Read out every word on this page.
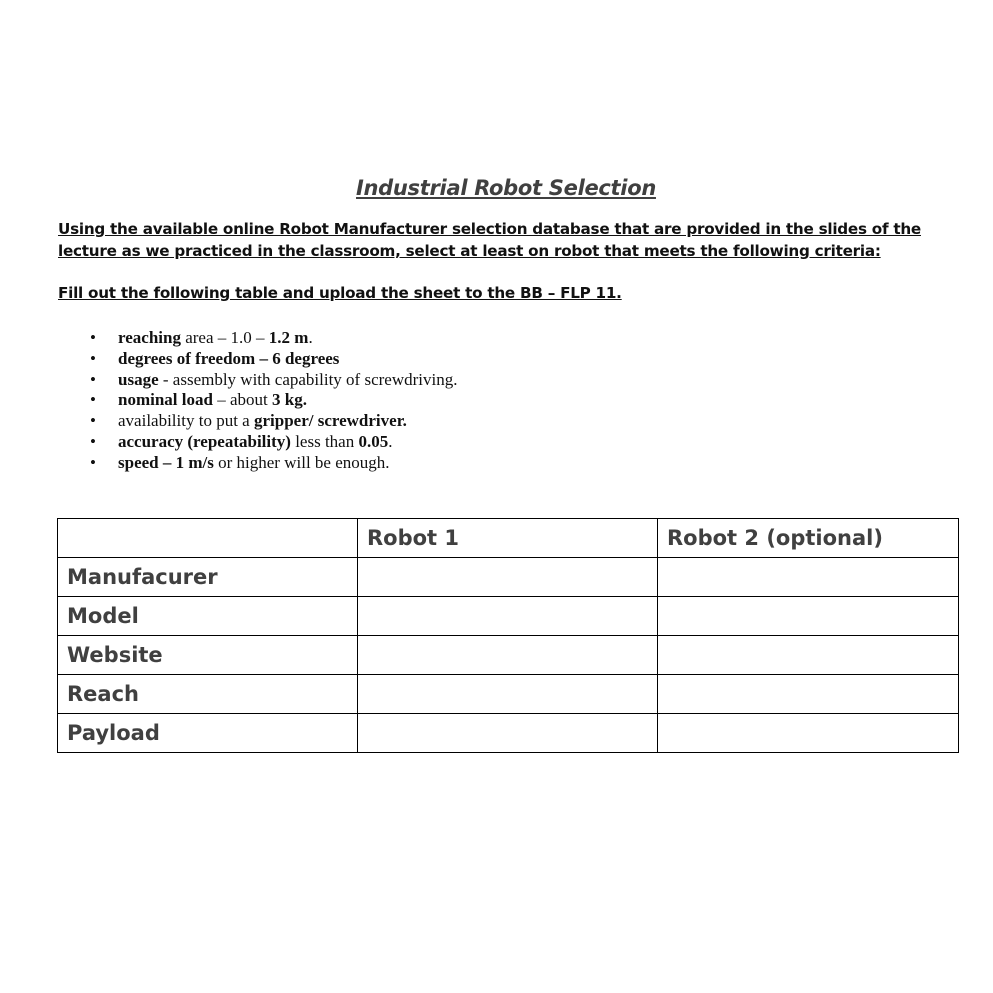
Industrial Robot Selection

Using the available online Robot Manufacturer selection database that are provided in the slides of the lecture as we practiced in the classroom, select at least on robot that meets the following criteria:

Fill out the following table and upload the sheet to the BB – FLP 11.

• reaching area – 1.0 – 1.2 m.
• degrees of freedom – 6 degrees
• usage - assembly with capability of screwdriving.
• nominal load – about 3 kg.
• availability to put a gripper/ screwdriver.
• accuracy (repeatability) less than 0.05.
• speed – 1 m/s or higher will be enough.
	Robot 1	Robot 2 (optional)
Manufacurer		
Model		
Website		
Reach		
Payload		
